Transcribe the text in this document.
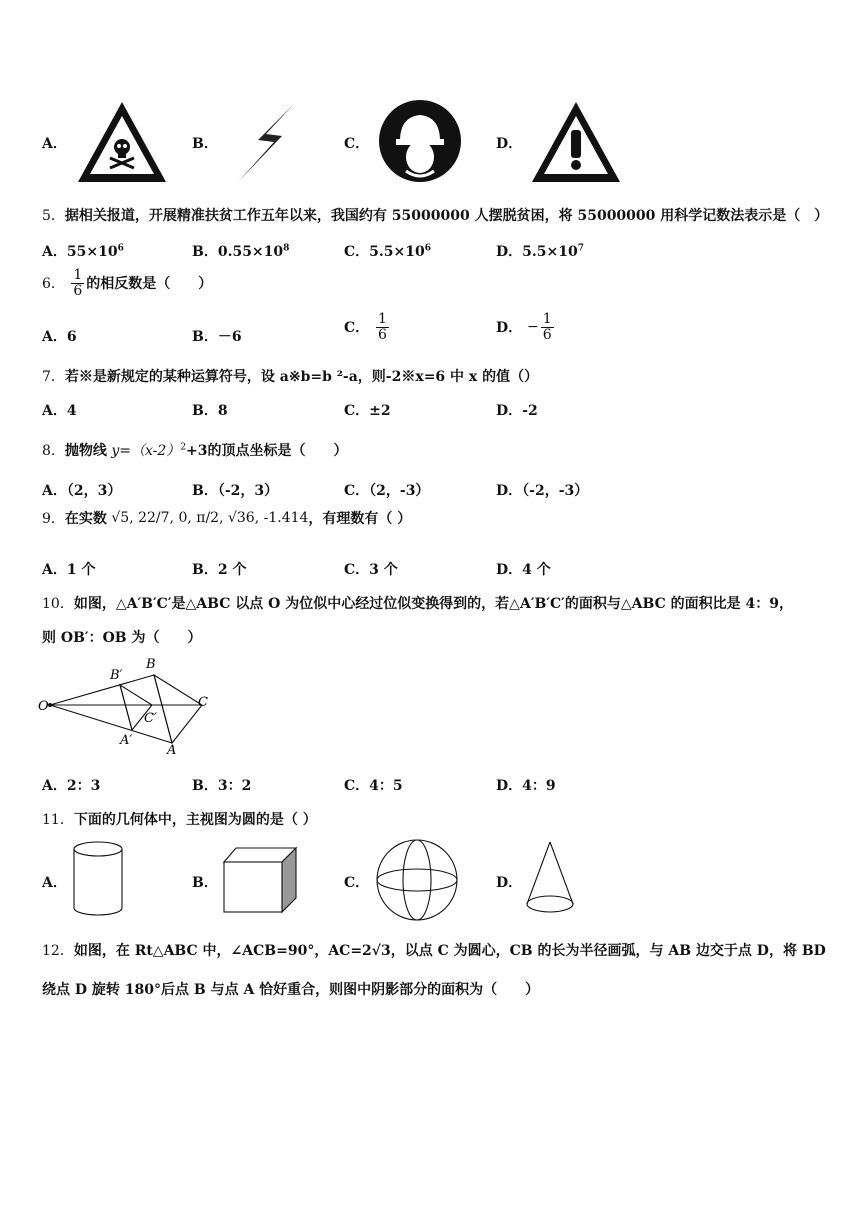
A．	B．	C．	D．
5．据相关报道，开展精准扶贫工作五年以来，我国约有 55000000 人摆脱贫困，将 55000000 用科学记数法表示是（　）
A．$55\times 10^6$	B．$0.55\times 10^8$	C．$5.5\times 10^6$	D．$5.5\times 10^7$
6． $\frac{1}{6}$ 的相反数是（　　）
A．6	B．－6
C． $\frac{1}{6}$	D． − $\frac{1}{6}$
7．若※是新规定的某种运算符号，设 a※b=b ²-a，则-2※x=6 中 x 的值（）
A．4	B．8	C．±2	D．-2
8．抛物线 $y=(x-2)^2+3$的顶点坐标是（　　）
A．（2，3）	B．（-2，3）	C．（2，-3）	D．（-2，-3）
9．在实数 √5, 22/7, 0, π/2, √36, -1.414，有理数有（ ）
A．1 个	B．2 个	C．3 个	D．4 个
10．如图，△A′B′C′是△ABC 以点 O 为位似中心经过位似变换得到的，若△A′B′C′的面积与△ABC 的面积比是 4：9，
则 OB′：OB 为（　　）
O
B
C
A
B′
C′
A′
A．2：3	B．3：2	C．4：5	D．4：9
11．下面的几何体中，主视图为圆的是（ ）
A．	B．	C．	D．
12．如图，在 Rt△ABC 中，∠ACB=90°，AC=2√3，以点 C 为圆心，CB 的长为半径画弧，与 AB 边交于点 D，将 BD
绕点 D 旋转 180°后点 B 与点 A 恰好重合，则图中阴影部分的面积为（　　）
